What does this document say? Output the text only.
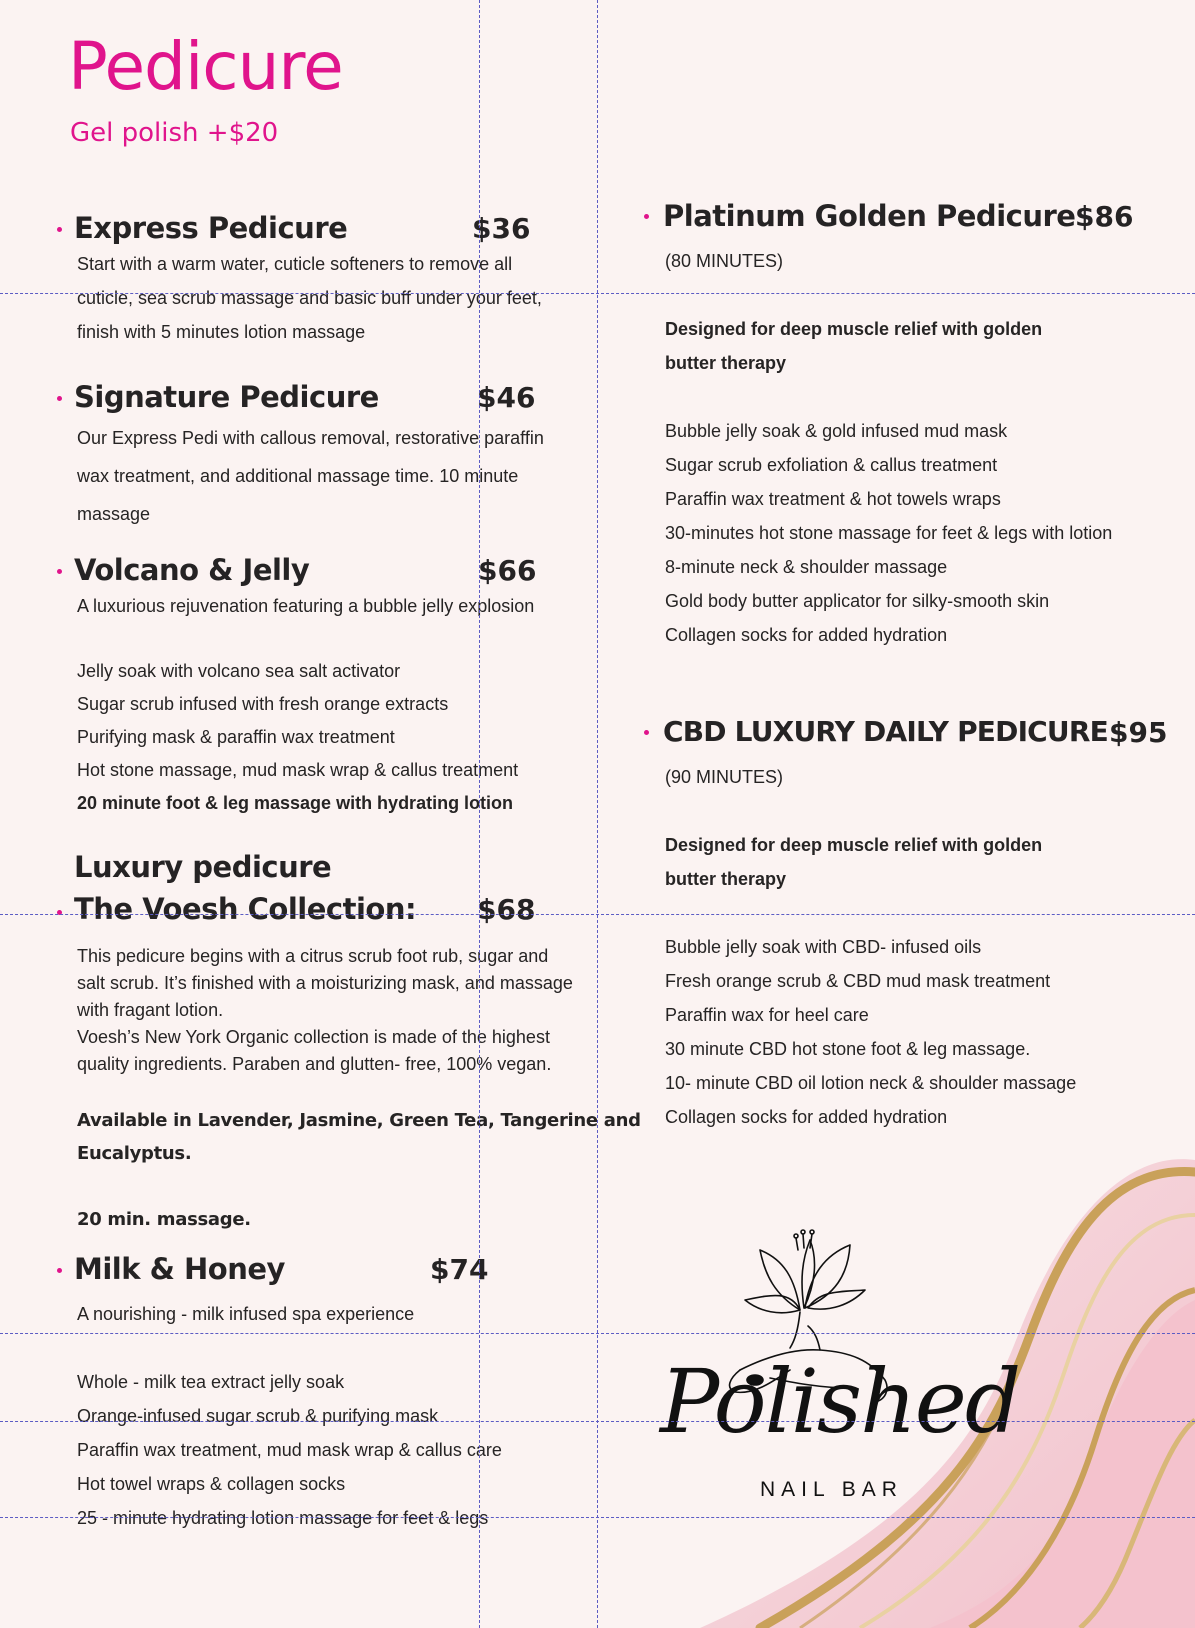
Pedicure
Gel polish +$20
Express Pedicure	$36
Start with a warm water, cuticle softeners to remove all
cuticle, sea scrub massage and basic buff under your feet,
finish with 5 minutes lotion massage
Signature Pedicure	$46
Our Express Pedi with callous removal, restorative paraffin
wax treatment, and additional massage time. 10 minute
massage
Volcano & Jelly	$66
A luxurious rejuvenation featuring a bubble jelly explosion
Jelly soak with volcano sea salt activator
Sugar scrub infused with fresh orange extracts
Purifying mask & paraffin wax treatment
Hot stone massage, mud mask wrap & callus treatment
20 minute foot & leg massage with hydrating lotion
Luxury pedicure
The Voesh Collection: $68
This pedicure begins with a citrus scrub foot rub, sugar and
salt scrub. It’s finished with a moisturizing mask, and massage
with fragant lotion.
Voesh’s New York Organic collection is made of the highest
quality ingredients. Paraben and glutten- free, 100% vegan.
Available in Lavender, Jasmine, Green Tea, Tangerine and
Eucalyptus.
20 min. massage.
Milk & Honey	$74
A nourishing - milk infused spa experience
Whole - milk tea extract jelly soak
Orange-infused sugar scrub & purifying mask
Paraffin wax treatment, mud mask wrap & callus care
Hot towel wraps & collagen socks
25 - minute hydrating lotion massage for feet & legs
Platinum Golden Pedicure $86
(80 MINUTES)
Designed for deep muscle relief with golden
butter therapy
Bubble jelly soak & gold infused mud mask
Sugar scrub exfoliation & callus treatment
Paraffin wax treatment & hot towels wraps
30-minutes hot stone massage for feet & legs with lotion
8-minute neck & shoulder massage
Gold body butter applicator for silky-smooth skin
Collagen socks for added hydration
CBD LUXURY DAILY PEDICURE $95
(90 MINUTES)
Designed for deep muscle relief with golden
butter therapy
Bubble jelly soak with CBD- infused oils
Fresh orange scrub & CBD mud mask treatment
Paraffin wax for heel care
30 minute CBD hot stone foot & leg massage.
10- minute CBD oil lotion neck & shoulder massage
Collagen socks for added hydration
Polished
NAIL BAR
